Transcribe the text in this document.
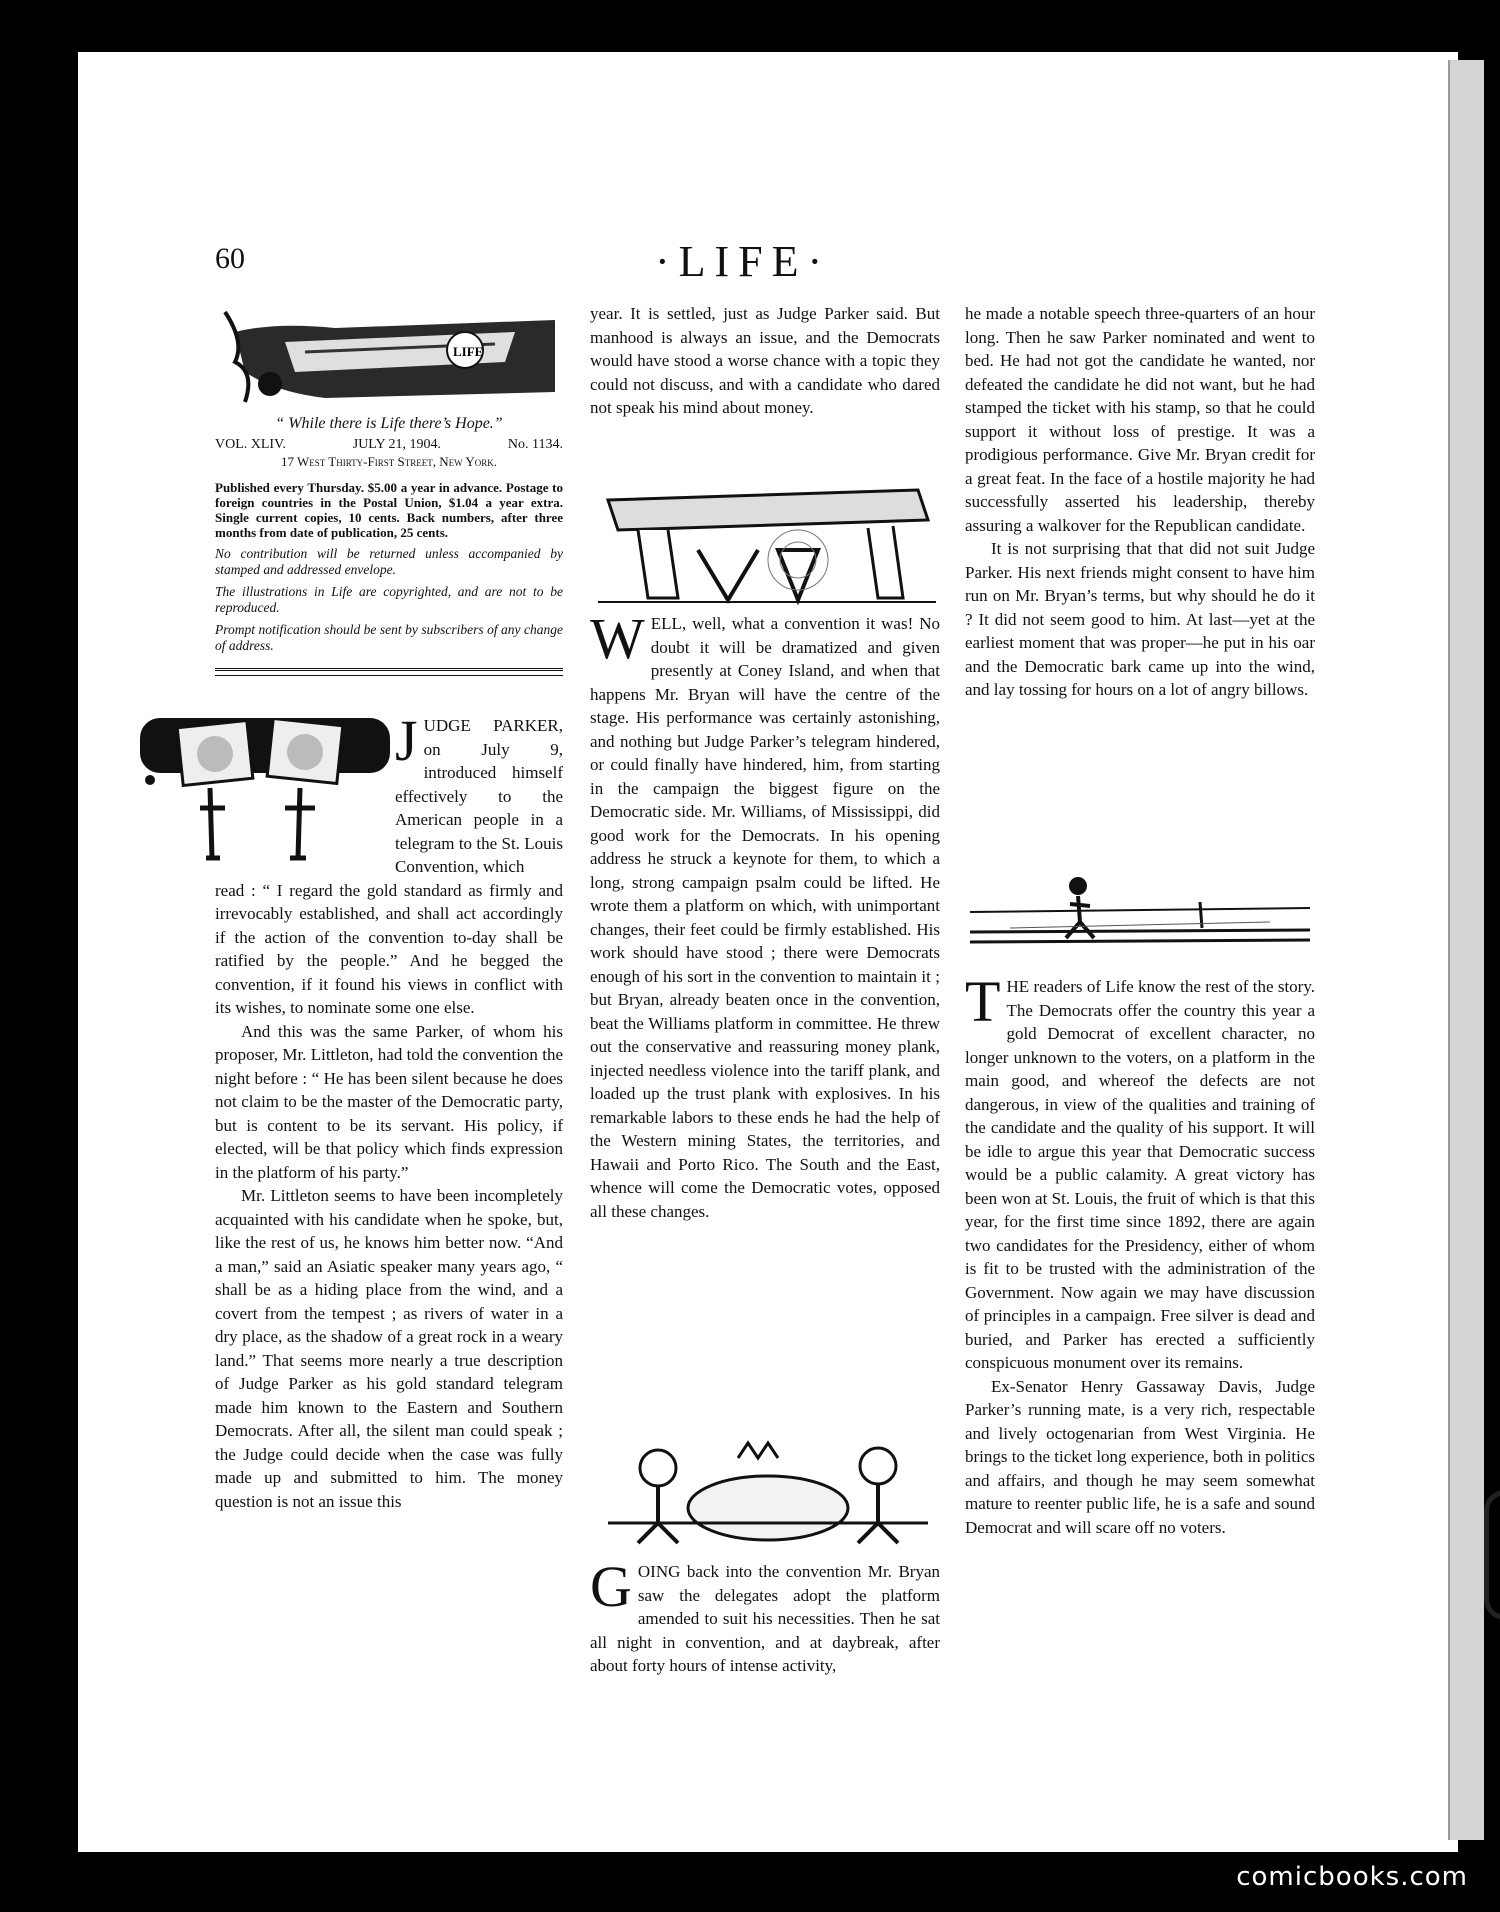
60	·LIFE·
LIFE

“ While there is Life there’s Hope.”

VOL. XLIV.	JULY 21, 1904.	No. 1134.

17 West Thirty-First Street, New York.

Published every Thursday. $5.00 a year in advance. Postage to foreign countries in the Postal Union, $1.04 a year extra. Single current copies, 10 cents. Back numbers, after three months from date of publication, 25 cents.

No contribution will be returned unless accompanied by stamped and addressed envelope.

The illustrations in Life are copyrighted, and are not to be reproduced.

Prompt notification should be sent by subscribers of any change of address.

J UDGE PARKER, on July 9, introduced himself effectively to the American people in a telegram to the St. Louis Convention, which

read : “ I regard the gold standard as firmly and irrevocably established, and shall act accordingly if the action of the convention to-day shall be ratified by the people.” And he begged the convention, if it found his views in conflict with its wishes, to nominate some one else.

And this was the same Parker, of whom his proposer, Mr. Littleton, had told the convention the night before : “ He has been silent because he does not claim to be the master of the Democratic party, but is content to be its servant. His policy, if elected, will be that policy which finds expression in the platform of his party.”

Mr. Littleton seems to have been incompletely acquainted with his candidate when he spoke, but, like the rest of us, he knows him better now. “And a man,” said an Asiatic speaker many years ago, “ shall be as a hiding place from the wind, and a covert from the tempest ; as rivers of water in a dry place, as the shadow of a great rock in a weary land.” That seems more nearly a true description of Judge Parker as his gold standard telegram made him known to the Eastern and Southern Democrats. After all, the silent man could speak ; the Judge could decide when the case was fully made up and submitted to him. The money question is not an issue this

year. It is settled, just as Judge Parker said. But manhood is always an issue, and the Democrats would have stood a worse chance with a topic they could not discuss, and with a candidate who dared not speak his mind about money.

W ELL, well, what a convention it was! No doubt it will be dramatized and given presently at Coney Island, and when that happens Mr. Bryan will have the centre of the stage. His performance was certainly astonishing, and nothing but Judge Parker’s telegram hindered, or could finally have hindered, him, from starting in the campaign the biggest figure on the Democratic side. Mr. Williams, of Mississippi, did good work for the Democrats. In his opening address he struck a keynote for them, to which a long, strong campaign psalm could be lifted. He wrote them a platform on which, with unimportant changes, their feet could be firmly established. His work should have stood ; there were Democrats enough of his sort in the convention to maintain it ; but Bryan, already beaten once in the convention, beat the Williams platform in committee. He threw out the conservative and reassuring money plank, injected needless violence into the tariff plank, and loaded up the trust plank with explosives. In his remarkable labors to these ends he had the help of the Western mining States, the territories, and Hawaii and Porto Rico. The South and the East, whence will come the Democratic votes, opposed all these changes.
G OING back into the convention Mr. Bryan saw the delegates adopt the platform amended to suit his necessities. Then he sat all night in convention, and at daybreak, after about forty hours of intense activity,

he made a notable speech three-quarters of an hour long. Then he saw Parker nominated and went to bed. He had not got the candidate he wanted, nor defeated the candidate he did not want, but he had stamped the ticket with his stamp, so that he could support it without loss of prestige. It was a prodigious performance. Give Mr. Bryan credit for a great feat. In the face of a hostile majority he had successfully asserted his leadership, thereby assuring a walkover for the Republican candidate.

It is not surprising that that did not suit Judge Parker. His next friends might consent to have him run on Mr. Bryan’s terms, but why should he do it ? It did not seem good to him. At last—yet at the earliest moment that was proper—he put in his oar and the Democratic bark came up into the wind, and lay tossing for hours on a lot of angry billows.

T HE readers of Life know the rest of the story. The Democrats offer the country this year a gold Democrat of excellent character, no longer unknown to the voters, on a platform in the main good, and whereof the defects are not dangerous, in view of the qualities and training of the candidate and the quality of his support. It will be idle to argue this year that Democratic success would be a public calamity. A great victory has been won at St. Louis, the fruit of which is that this year, for the first time since 1892, there are again two candidates for the Presidency, either of whom is fit to be trusted with the administration of the Government. Now again we may have discussion of principles in a campaign. Free silver is dead and buried, and Parker has erected a sufficiently conspicuous monument over its remains.

Ex-Senator Henry Gassaway Davis, Judge Parker’s running mate, is a very rich, respectable and lively octogenarian from West Virginia. He brings to the ticket long experience, both in politics and affairs, and though he may seem somewhat mature to reenter public life, he is a safe and sound Democrat and will scare off no voters.

comicbooks.com
